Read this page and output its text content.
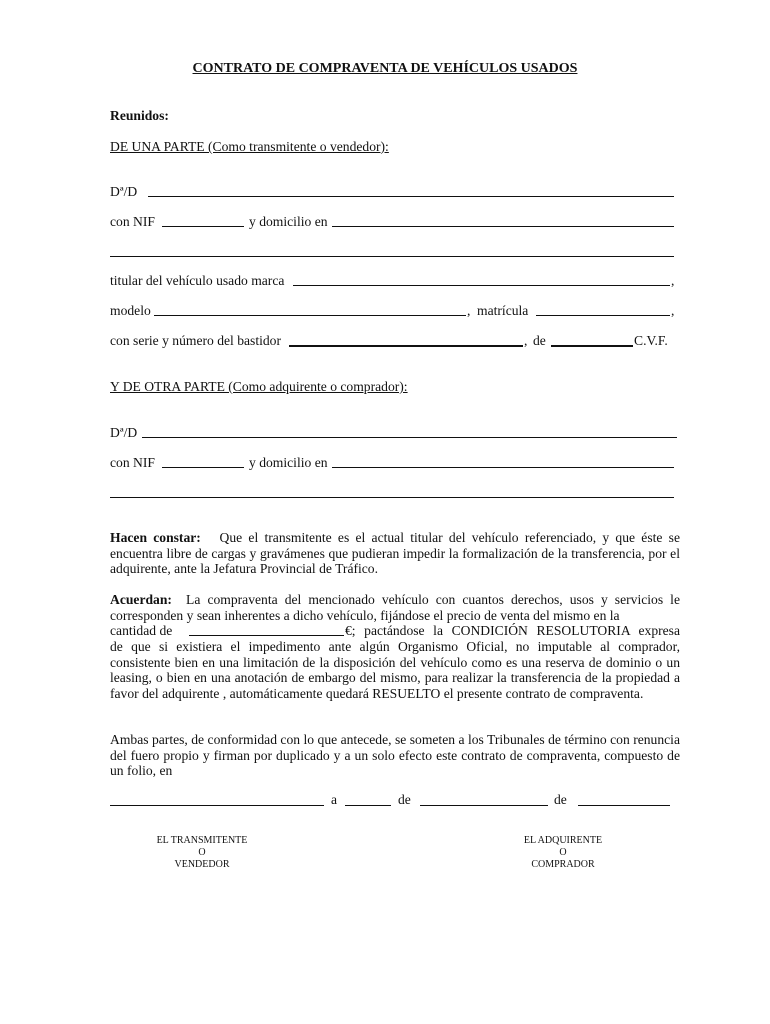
CONTRATO DE COMPRAVENTA DE VEHÍCULOS USADOS
Reunidos:
DE UNA PARTE (Como transmitente o vendedor):
Dª/D
con NIF	y domicilio en
titular del vehículo usado marca	,
modelo	, matrícula	,
con serie y número del bastidor	, de	C.V.F.
Y DE OTRA PARTE (Como adquirente o comprador):
Dª/D
con NIF	y domicilio en
Hacen constar: Que el transmitente es el actual titular del vehículo referenciado, y que éste se encuentra libre de cargas y gravámenes que pudieran impedir la formalización de la transferencia, por el adquirente, ante la Jefatura Provincial de Tráfico.
Acuerdan: La compraventa del mencionado vehículo con cuantos derechos, usos y servicios le corresponden y sean inherentes a dicho vehículo, fijándose el precio de venta del mismo en la
cantidad de	€; pactándose la CONDICIÓN RESOLUTORIA expresa
de que si existiera el impedimento ante algún Organismo Oficial, no imputable al comprador, consistente bien en una limitación de la disposición del vehículo como es una reserva de dominio o un leasing, o bien en una anotación de embargo del mismo, para realizar la transferencia de la propiedad a favor del adquirente , automáticamente quedará RESUELTO el presente contrato de compraventa.
Ambas partes, de conformidad con lo que antecede, se someten a los Tribunales de término con renuncia del fuero propio y firman por duplicado y a un solo efecto este contrato de compraventa, compuesto de un folio, en
a	de	de
EL TRANSMITENTE
O
VENDEDOR
EL ADQUIRENTE
O
COMPRADOR
